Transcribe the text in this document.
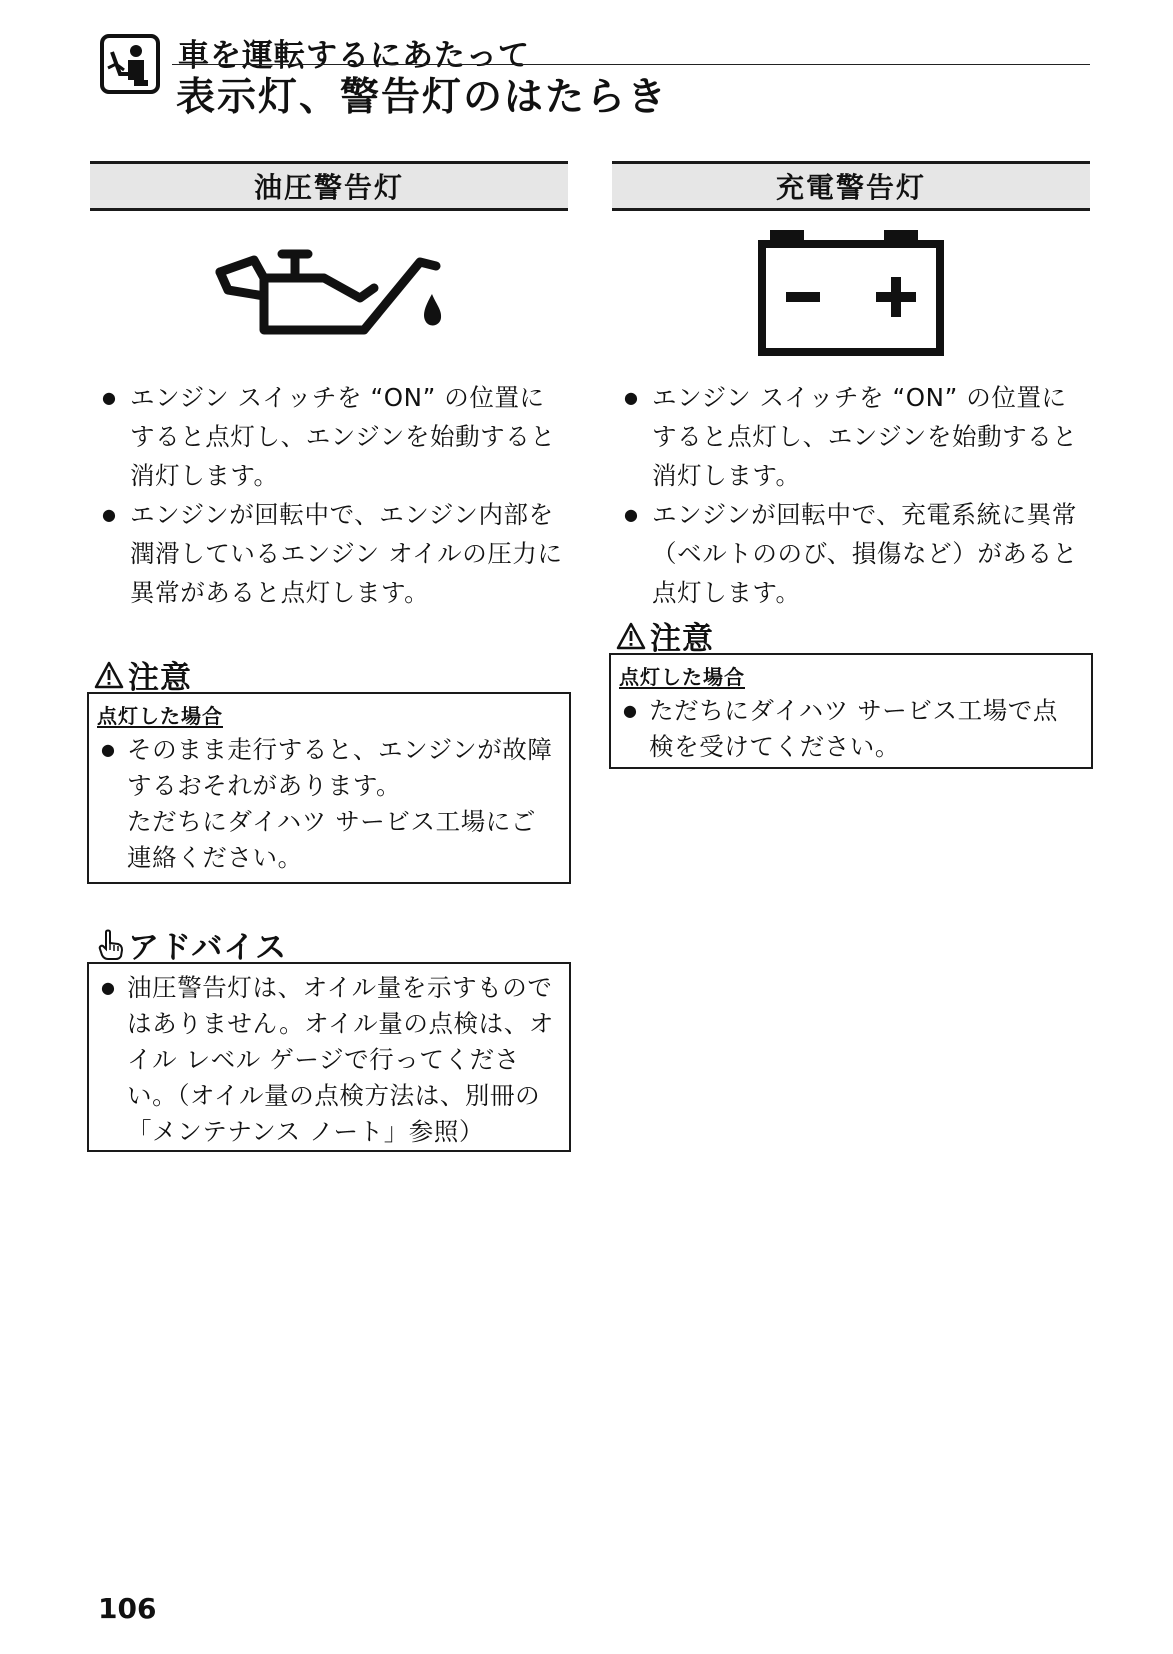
車を運転するにあたって
表示灯、警告灯のはたらき
油圧警告灯
● エンジン スイッチを “ON” の位置にすると点灯し、エンジンを始動すると消灯します。
● エンジンが回転中で、エンジン内部を潤滑しているエンジン オイルの圧力に異常があると点灯します。
注意
点灯した場合
● そのまま走行すると、エンジンが故障するおそれがあります。
ただちにダイハツ サービス工場にご連絡ください。
アドバイス
● 油圧警告灯は、オイル量を示すものではありません。オイル量の点検は、オイル レベル ゲージで行ってください。（オイル量の点検方法は、別冊の「メンテナンス ノート」参照）
充電警告灯
● エンジン スイッチを “ON” の位置にすると点灯し、エンジンを始動すると消灯します。
● エンジンが回転中で、充電系統に異常（ベルトののび、損傷など）があると点灯します。
注意
点灯した場合
● ただちにダイハツ サービス工場で点検を受けてください。
106
